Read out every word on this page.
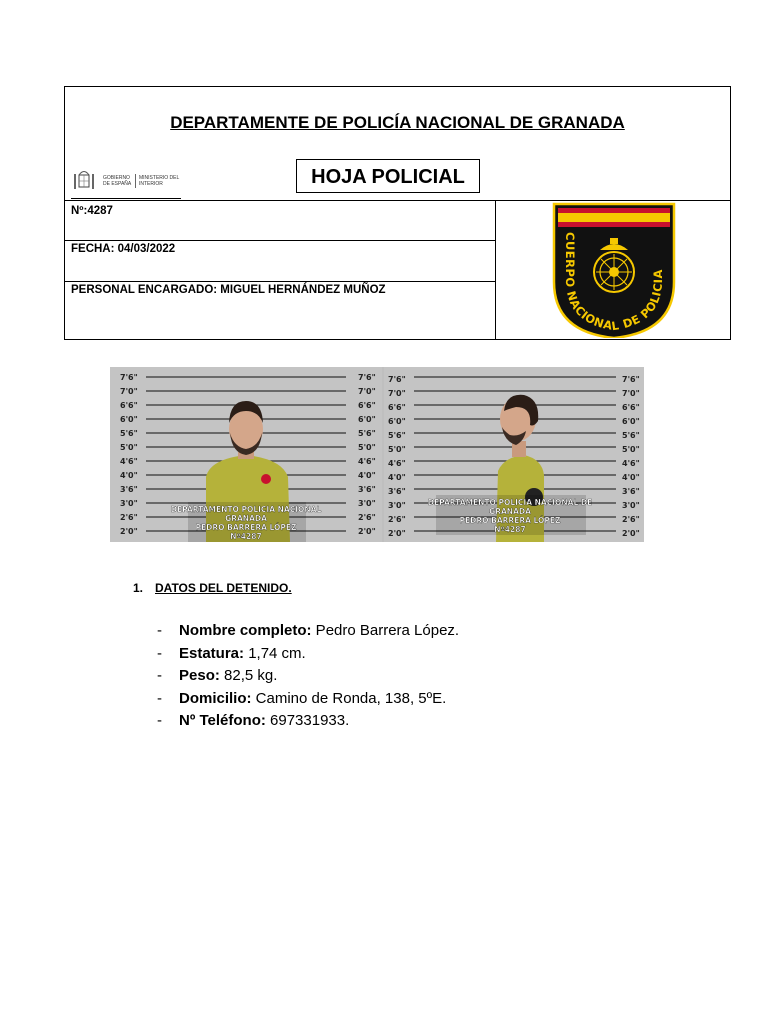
DEPARTAMENTE DE POLICÍA NACIONAL DE GRANADA
HOJA POLICIAL
GOBIERNO
DE ESPAÑA
MINISTERIO DEL
INTERIOR
Nº:4287
FECHA: 04/03/2022
PERSONAL ENCARGADO: MIGUEL HERNÁNDEZ MUÑOZ
CUERPO NACIONAL DE POLICIA
7'6"
7'0"
6'6"
6'0"
5'6"
5'0"
4'6"
4'0"
3'6"
3'0"
2'6"
2'0"
7'6"
7'0"
6'6"
6'0"
5'6"
5'0"
4'6"
4'0"
3'6"
3'0"
2'6"
2'0"
DEPARTAMENTO POLICIA NACIONAL
GRANADA
PEDRO BARRERA LÓPEZ
Nº4287
7'6"
7'0"
6'6"
6'0"
5'6"
5'0"
4'6"
4'0"
3'6"
3'0"
2'6"
2'0"
7'6"
7'0"
6'6"
6'0"
5'6"
5'0"
4'6"
4'0"
3'6"
3'0"
2'6"
2'0"
DEPARTAMENTO POLICIA NACIONAL DE
GRANADA
PEDRO BARRERA LÓPEZ
Nº4287
1. DATOS DEL DETENIDO.
- Nombre completo: Pedro Barrera López.
- Estatura: 1,74 cm.
- Peso: 82,5 kg.
- Domicilio: Camino de Ronda, 138, 5ºE.
- Nº Teléfono: 697331933.
